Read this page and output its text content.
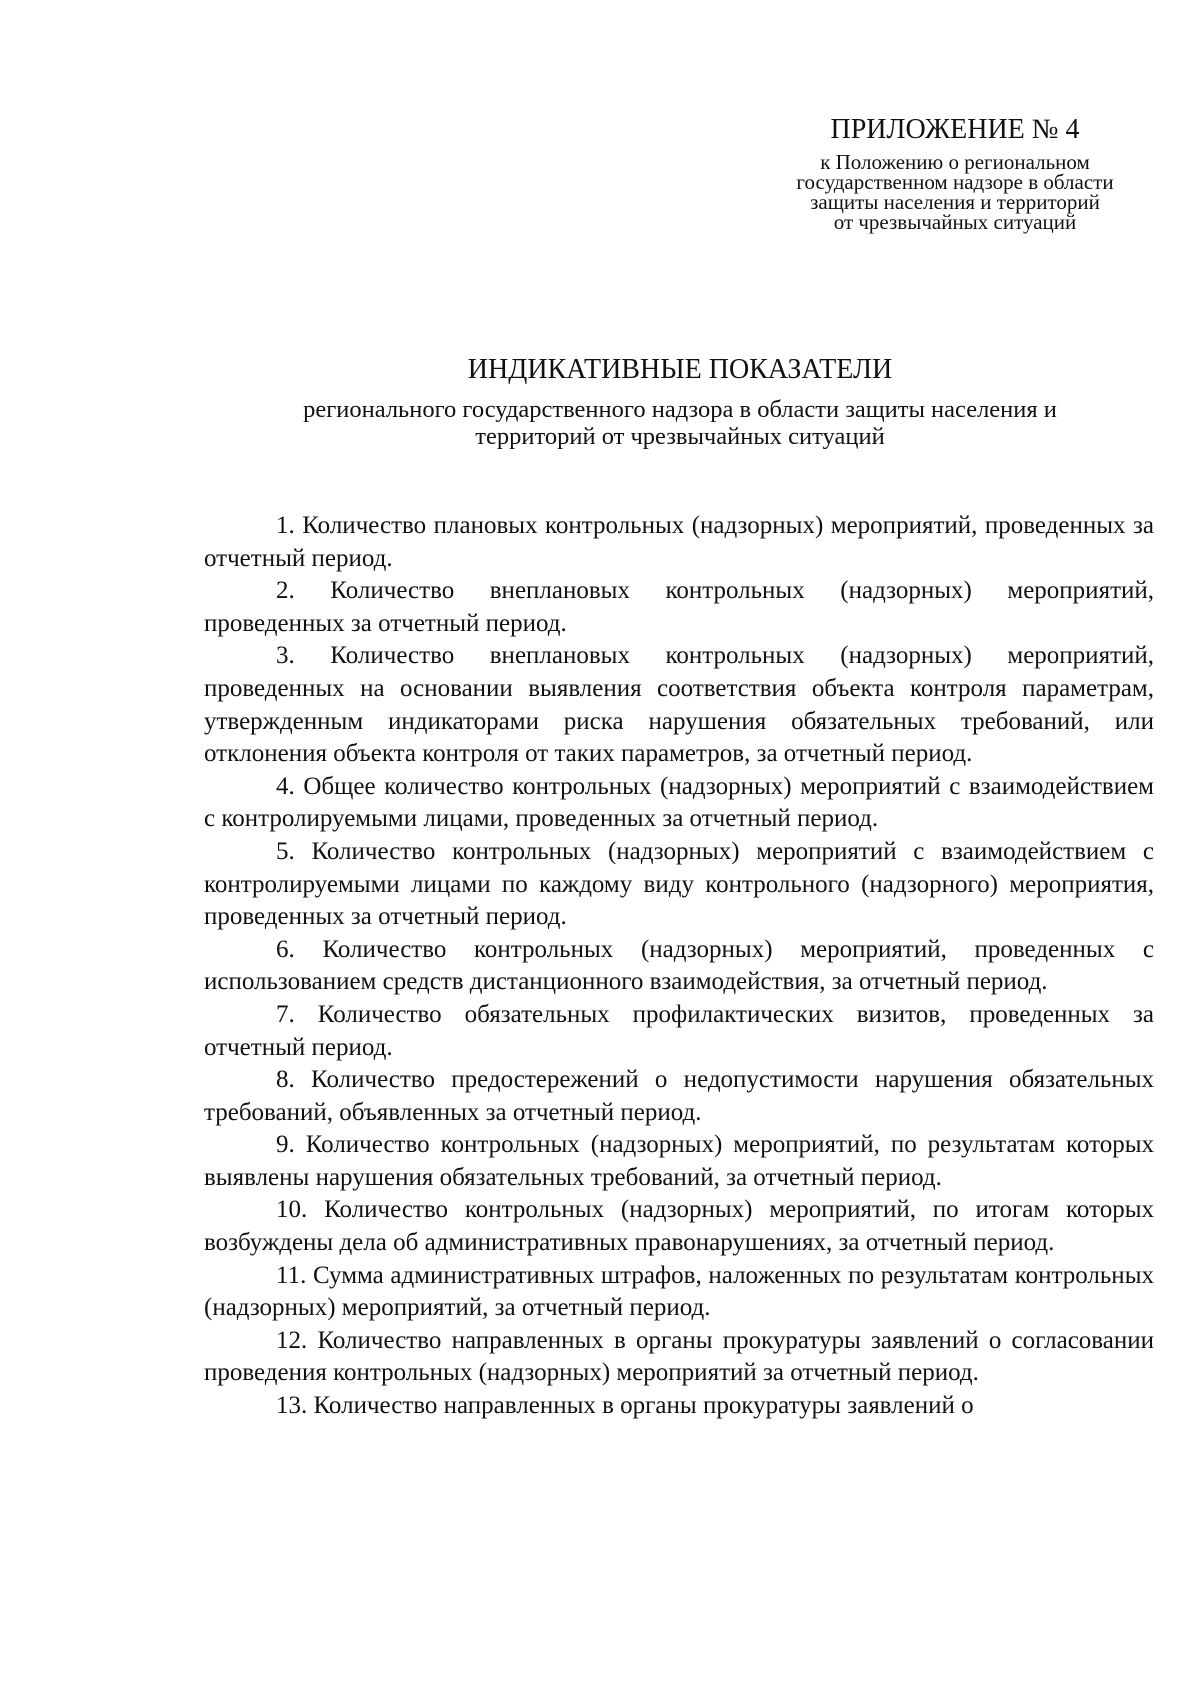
ПРИЛОЖЕНИЕ № 4
к Положению о региональном
государственном надзоре в области
защиты населения и территорий
от чрезвычайных ситуаций
ИНДИКАТИВНЫЕ ПОКАЗАТЕЛИ
регионального государственного надзора в области защиты населения и
территорий от чрезвычайных ситуаций

1. Количество плановых контрольных (надзорных) мероприятий, проведенных за отчетный период.

2. Количество внеплановых контрольных (надзорных) мероприятий, проведенных за отчетный период.

3. Количество внеплановых контрольных (надзорных) мероприятий, проведенных на основании выявления соответствия объекта контроля параметрам, утвержденным индикаторами риска нарушения обязательных требований, или отклонения объекта контроля от таких параметров, за отчетный период.

4. Общее количество контрольных (надзорных) мероприятий с взаимодействием с контролируемыми лицами, проведенных за отчетный период.

5. Количество контрольных (надзорных) мероприятий с взаимодействием с контролируемыми лицами по каждому виду контрольного (надзорного) мероприятия, проведенных за отчетный период.

6. Количество контрольных (надзорных) мероприятий, проведенных с использованием средств дистанционного взаимодействия, за отчетный период.

7. Количество обязательных профилактических визитов, проведенных за отчетный период.

8. Количество предостережений о недопустимости нарушения обязательных требований, объявленных за отчетный период.

9. Количество контрольных (надзорных) мероприятий, по результатам которых выявлены нарушения обязательных требований, за отчетный период.

10. Количество контрольных (надзорных) мероприятий, по итогам которых возбуждены дела об административных правонарушениях, за отчетный период.

11. Сумма административных штрафов, наложенных по результатам контрольных (надзорных) мероприятий, за отчетный период.

12. Количество направленных в органы прокуратуры заявлений о согласовании проведения контрольных (надзорных) мероприятий за отчетный период.

13. Количество направленных в органы прокуратуры заявлений о
